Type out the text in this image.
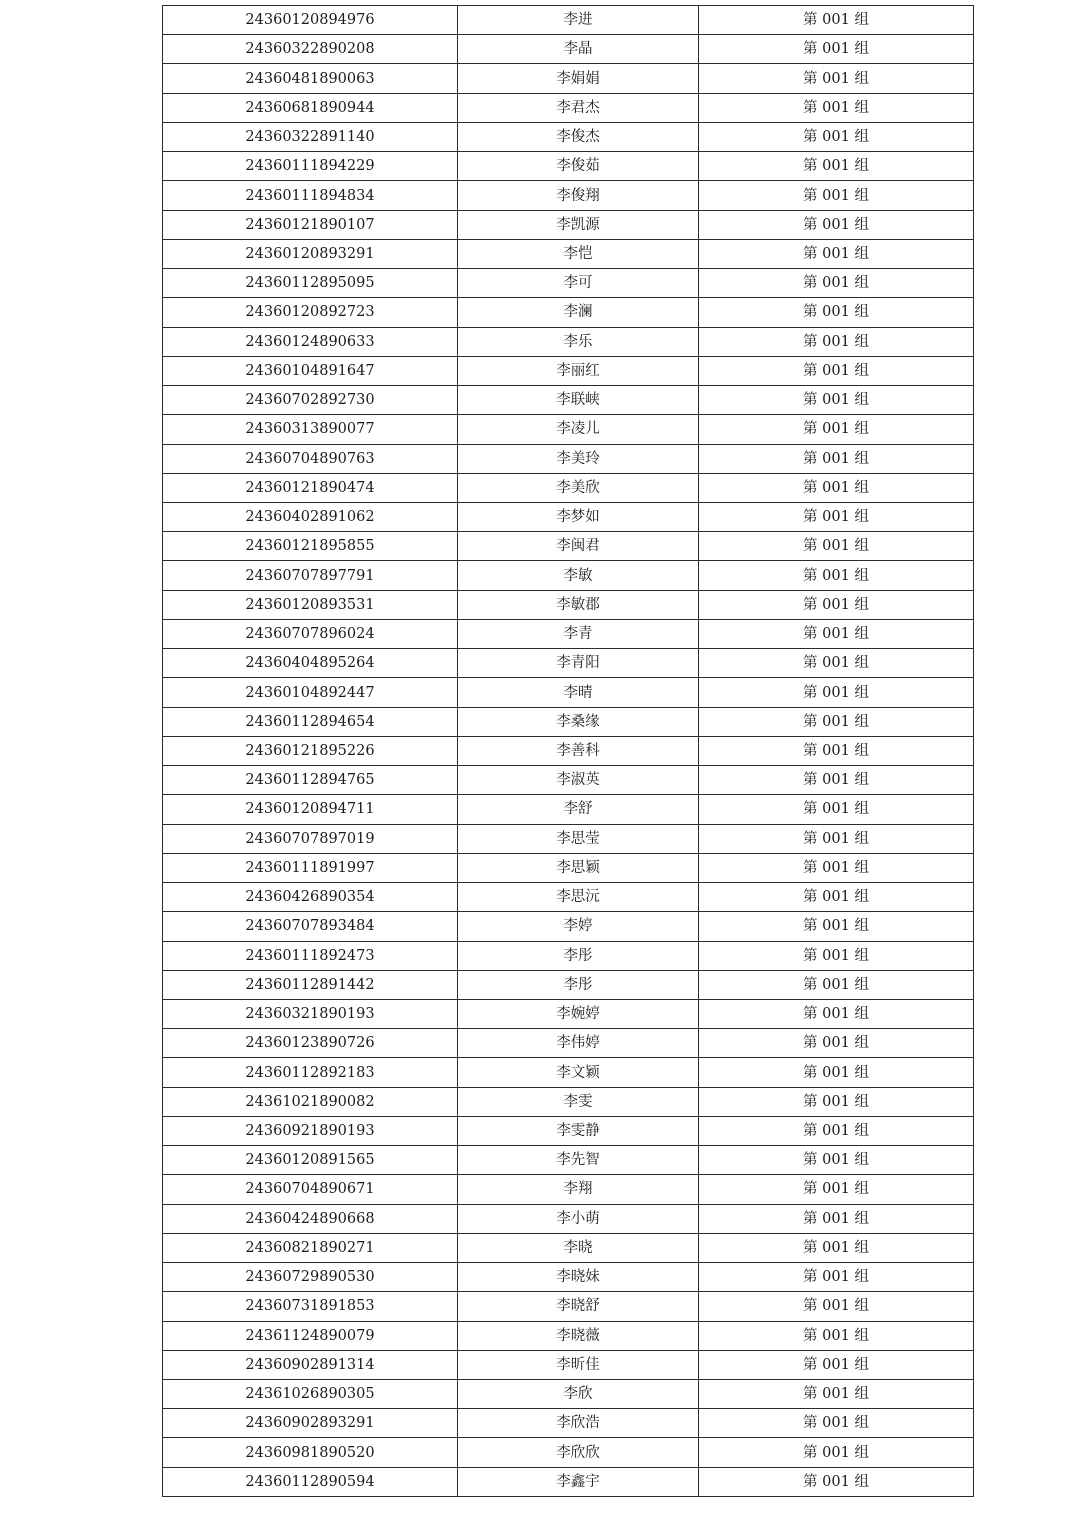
24360120894976	李进	第 001 组
24360322890208	李晶	第 001 组
24360481890063	李娟娟	第 001 组
24360681890944	李君杰	第 001 组
24360322891140	李俊杰	第 001 组
24360111894229	李俊茹	第 001 组
24360111894834	李俊翔	第 001 组
24360121890107	李凯源	第 001 组
24360120893291	李恺	第 001 组
24360112895095	李可	第 001 组
24360120892723	李澜	第 001 组
24360124890633	李乐	第 001 组
24360104891647	李丽红	第 001 组
24360702892730	李联峡	第 001 组
24360313890077	李凌儿	第 001 组
24360704890763	李美玲	第 001 组
24360121890474	李美欣	第 001 组
24360402891062	李梦如	第 001 组
24360121895855	李闽君	第 001 组
24360707897791	李敏	第 001 组
24360120893531	李敏郡	第 001 组
24360707896024	李青	第 001 组
24360404895264	李青阳	第 001 组
24360104892447	李晴	第 001 组
24360112894654	李桑缘	第 001 组
24360121895226	李善科	第 001 组
24360112894765	李淑英	第 001 组
24360120894711	李舒	第 001 组
24360707897019	李思莹	第 001 组
24360111891997	李思颖	第 001 组
24360426890354	李思沅	第 001 组
24360707893484	李婷	第 001 组
24360111892473	李彤	第 001 组
24360112891442	李彤	第 001 组
24360321890193	李婉婷	第 001 组
24360123890726	李伟婷	第 001 组
24360112892183	李文颖	第 001 组
24361021890082	李雯	第 001 组
24360921890193	李雯静	第 001 组
24360120891565	李先智	第 001 组
24360704890671	李翔	第 001 组
24360424890668	李小萌	第 001 组
24360821890271	李晓	第 001 组
24360729890530	李晓妹	第 001 组
24360731891853	李晓舒	第 001 组
24361124890079	李晓薇	第 001 组
24360902891314	李昕佳	第 001 组
24361026890305	李欣	第 001 组
24360902893291	李欣浩	第 001 组
24360981890520	李欣欣	第 001 组
24360112890594	李鑫宇	第 001 组
